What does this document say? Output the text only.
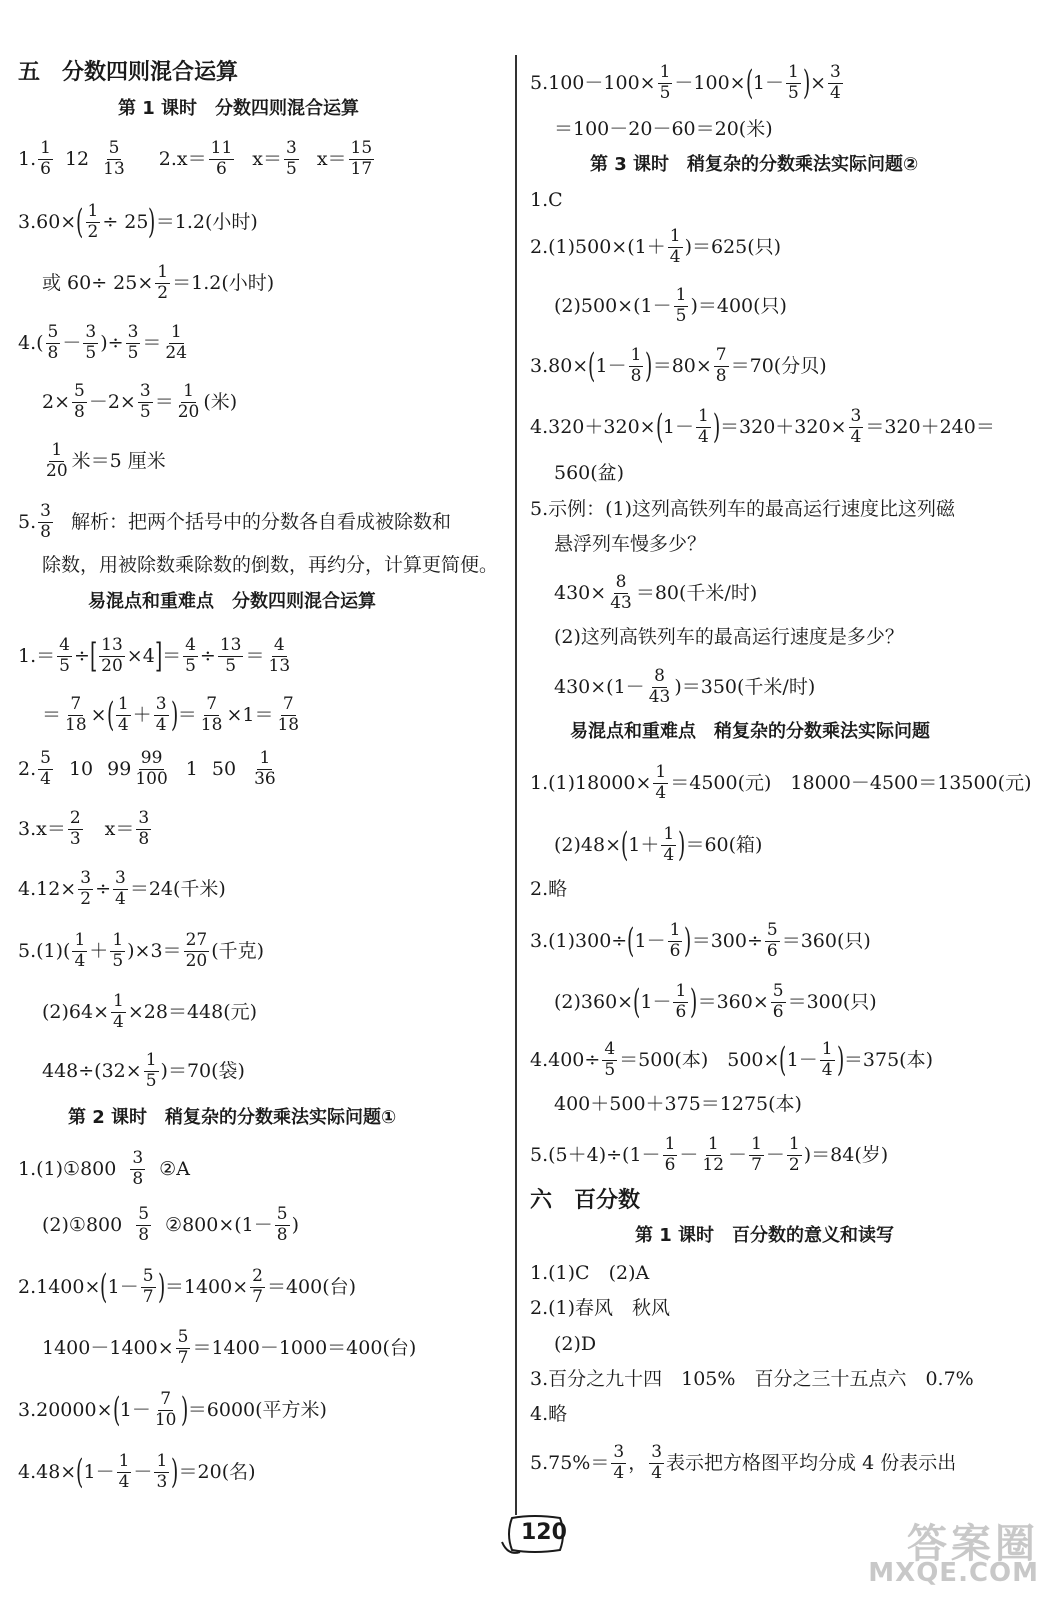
五　分数四则混合运算
第 1 课时　分数四则混合运算
1. 1
6 12 5
13 2.x＝ 11
6 x＝ 3
5 x＝ 15
17
3.60× ( $\frac{1}{2} \div 25$ ) ＝1.2(小时)
或 $60\div 25\times \frac{1}{2} =1.2$(小时)
4.( 5
8 － 3
5 )÷ $\frac{3}{5} = 1$
24
$2\times \frac{5}{8} -2\times \frac{3}{5} = 1$
20 (米)
1
20 米＝5 厘米
5. 3
8 解析：把两个括号中的分数各自看成被除数和
除数，用被除数乘除数的倒数，再约分，计算更简便。
易混点和重难点　分数四则混合运算
$1.= \frac{4}{5}$ ÷ [ $\frac{13}{20} \times 4$ ] ＝ $\frac{4}{5} \div \frac{13}{5} = 4$
13
＝ $\frac{7}{18}$ × ( 1
4 ＋ 3
4 ) ＝ $\frac{7}{18} \times 1= 7$
18
2. 5
4 10 99 99
100 1 50 1
36
3.x＝ 2
3 x＝ 3
8
$4.12\times \frac{3}{2} \div \frac{3}{4} =24$(千米)
5.(1)( 1
4 ＋ 1
5 )×3＝ 27
20 (千克)
$(2)64\times \frac{1}{4} \times 28=448$(元)
$448\div(32\times \frac{1}{5} )=70$(袋)
第 2 课时　稍复杂的分数乘法实际问题①
1.(1)①800 3
8 ②A
(2)①800 5
8 ②800×(1－ 5
8 )
2.1400× ( 1－ 5
7 ) $=1400\times \frac{2}{7} =400$(台)
$1400-1400\times \frac{5}{7} =1400-1000=400$(台)
3.20000× ( 1－ 7
10 ) ＝6000(平方米)
4.48× ( 1－ 1
4 － 1
3 ) ＝20(名)
$5.100-100\times \frac{1}{5} -100\times$ ( 1－ 1
5 ) × $\frac{3}{4}$
＝100－20－60＝20(米)
第 3 课时　稍复杂的分数乘法实际问题②
1.C
2.(1)500×(1＋ 1
4 )＝625(只)
(2)500×(1－ 1
5 )＝400(只)
3.80× ( 1－ 1
8 ) $=80\times \frac{7}{8} =70$(分贝)
4.320＋320× ( 1－ 1
4 ) $=320+320\times \frac{3}{4} =320+240=$
560(盆)
5.示例：(1)这列高铁列车的最高运行速度比这列磁
悬浮列车慢多少？
$430\times \frac{8}{43} =80$(千米/时)
(2)这列高铁列车的最高运行速度是多少？
430×(1－ 8
43 )＝350(千米/时)
易混点和重难点　稍复杂的分数乘法实际问题
$1.(1)18000\times \frac{1}{4} =4500$(元)　18000－4500＝13500(元)
(2)48× ( 1＋ 1
4 ) ＝60(箱)
2.略
3.(1)300÷ ( 1－ 1
6 ) $=300\div \frac{5}{6} =360$(只)
(2)360× ( 1－ 1
6 ) $=360\times \frac{5}{6} =300$(只)
$4.400\div \frac{4}{5} =500$(本)　500× ( 1－ 1
4 ) ＝375(本)
400＋500＋375＝1275(本)
5.(5＋4)÷(1－ 1
6 － 1
12 － 1
7 － 1
2 )＝84(岁)
六　百分数
第 1 课时　百分数的意义和读写
1.(1)C　(2)A
2.(1)春风　秋风
(2)D
3.百分之九十四　105%　百分之三十五点六　0.7%
4.略
5.75%＝ 3
4 ， 3
4 表示把方格图平均分成 4 份表示出
120	答案圈
MXQE.COM
